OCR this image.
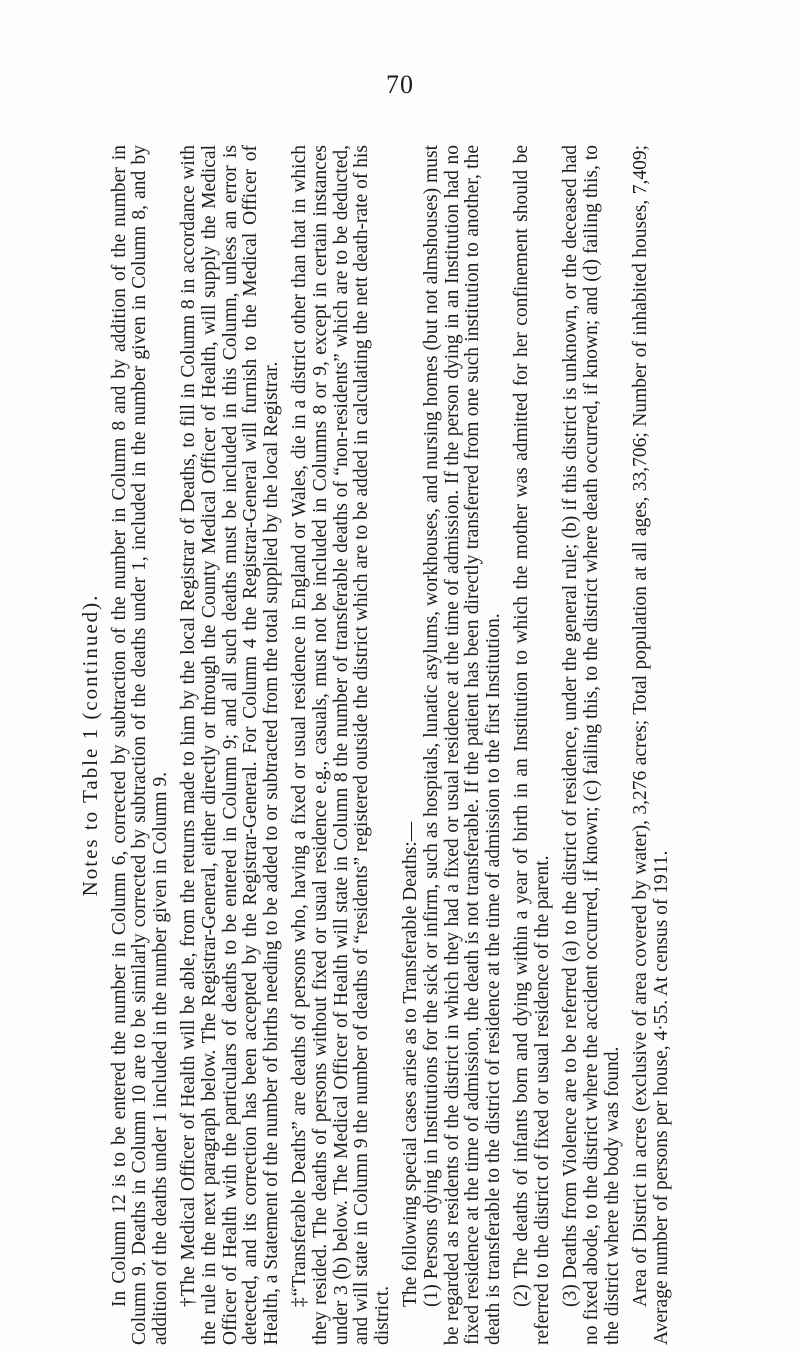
70

Notes to Table 1 (continued). In Column 12 is to be entered the number in Column 6, corrected by subtraction of the number in Column 8 and by addition of the number in Column 9. Deaths in Column 10 are to be similarly corrected by subtraction of the deaths under 1, included in the number given in Column 8, and by addition of the deaths under 1 included in the number given in Column 9. †The Medical Officer of Health will be able, from the returns made to him by the local Registrar of Deaths, to fill in Column 8 in accordance with the rule in the next paragraph below. The Registrar-General, either directly or through the County Medical Officer of Health, will supply the Medical Officer of Health with the particulars of deaths to be entered in Column 9; and all such deaths must be included in this Column, unless an error is detected, and its correction has been accepted by the Registrar-General. For Column 4 the Registrar-General will furnish to the Medical Officer of Health, a Statement of the number of births needing to be added to or subtracted from the total supplied by the local Registrar. ‡“Transferable Deaths” are deaths of persons who, having a fixed or usual residence in England or Wales, die in a district other than that in which they resided. The deaths of persons without fixed or usual residence e.g., casuals, must not be included in Columns 8 or 9, except in certain instances under 3 (b) below. The Medical Officer of Health will state in Column 8 the number of transferable deaths of “non-residents” which are to be deducted, and will state in Column 9 the number of deaths of “residents” registered outside the district which are to be added in calculating the nett death-rate of his district.

The following special cases arise as to Transferable Deaths:— (1) Persons dying in Institutions for the sick or infirm, such as hospitals, lunatic asylums, workhouses, and nursing homes (but not almshouses) must be regarded as residents of the district in which they had a fixed or usual residence at the time of admission. If the person dying in an Institution had no fixed residence at the time of admission, the death is not transferable. If the patient has been directly transferred from one such institution to another, the death is transferable to the district of residence at the time of admission to the first Institution. (2) The deaths of infants born and dying within a year of birth in an Institution to which the mother was admitted for her confinement should be referred to the district of fixed or usual residence of the parent. (3) Deaths from Violence are to be referred (a) to the district of residence, under the general rule; (b) if this district is unknown, or the deceased had no fixed abode, to the district where the accident occurred, if known; (c) failing this, to the district where death occurred, if known; and (d) failing this, to the district where the body was found. Area of District in acres (exclusive of area covered by water), 3,276 acres; Total population at all ages, 33,706; Number of inhabited houses, 7,409; Average number of persons per house, 4·55. At census of 1911.
